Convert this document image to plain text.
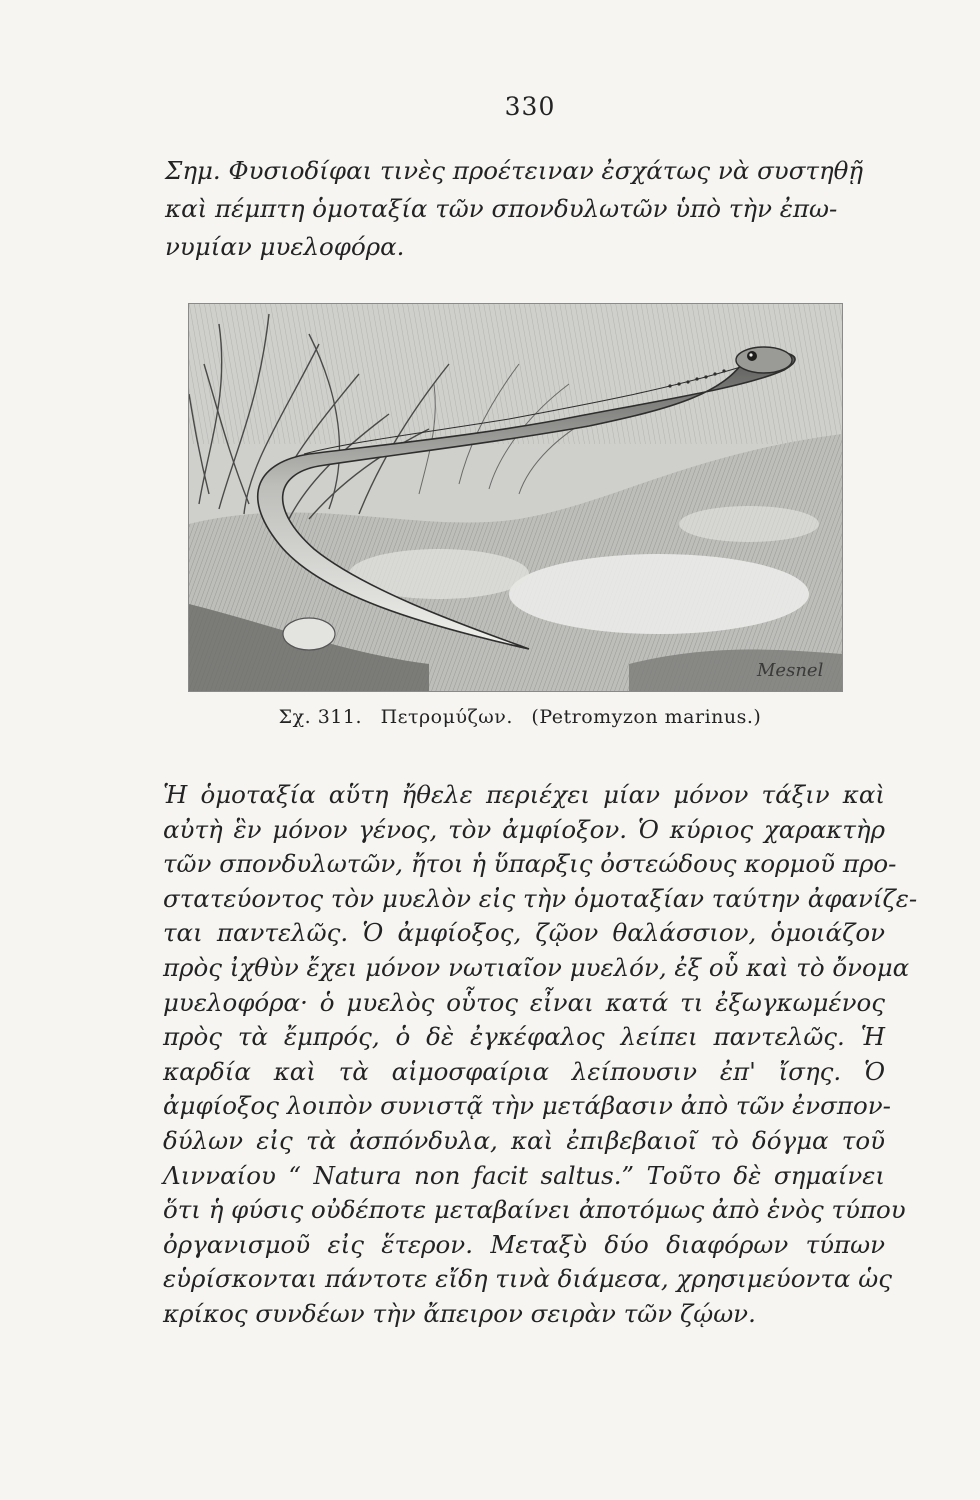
330
Σημ. Φυσιοδίφαι τινὲς προέτειναν ἐσχάτως νὰ συστηθῇ
καὶ πέμπτη ὁμοταξία τῶν σπονδυλωτῶν ὑπὸ τὴν ἐπω-
νυμίαν μυελοφόρα.
Mesnel
Σχ. 311. Πετρομύζων. (Petromyzon marinus.)
Ἡ ὁμοταξία αὕτη ἤθελε περιέχει μίαν μόνον τάξιν καὶ
αὐτὴ ἓν μόνον γένος, τὸν ἀμφίοξον. Ὁ κύριος χαρακτὴρ
τῶν σπονδυλωτῶν, ἤτοι ἡ ὕπαρξις ὀστεώδους κορμοῦ προ-
στατεύοντος τὸν μυελὸν εἰς τὴν ὁμοταξίαν ταύτην ἀφανίζε-
ται παντελῶς. Ὁ ἀμφίοξος, ζῷον θαλάσσιον, ὁμοιάζον
πρὸς ἰχθὺν ἔχει μόνον νωτιαῖον μυελόν, ἐξ οὗ καὶ τὸ ὄνομα
μυελοφόρα· ὁ μυελὸς οὗτος εἶναι κατά τι ἐξωγκωμένος
πρὸς τὰ ἔμπρός, ὁ δὲ ἐγκέφαλος λείπει παντελῶς. Ἡ
καρδία καὶ τὰ αἱμοσφαίρια λείπουσιν ἐπ' ἴσης. Ὁ
ἀμφίοξος λοιπὸν συνιστᾷ τὴν μετάβασιν ἀπὸ τῶν ἐνσπον-
δύλων εἰς τὰ ἀσπόνδυλα, καὶ ἐπιβεβαιοῖ τὸ δόγμα τοῦ
Λινναίου “ Natura non facit saltus.” Τοῦτο δὲ σημαίνει
ὅτι ἡ φύσις οὐδέποτε μεταβαίνει ἀποτόμως ἀπὸ ἑνὸς τύπου
ὀργανισμοῦ εἰς ἕτερον. Μεταξὺ δύο διαφόρων τύπων
εὑρίσκονται πάντοτε εἴδη τινὰ διάμεσα, χρησιμεύοντα ὡς
κρίκος συνδέων τὴν ἄπειρον σειρὰν τῶν ζῴων.
